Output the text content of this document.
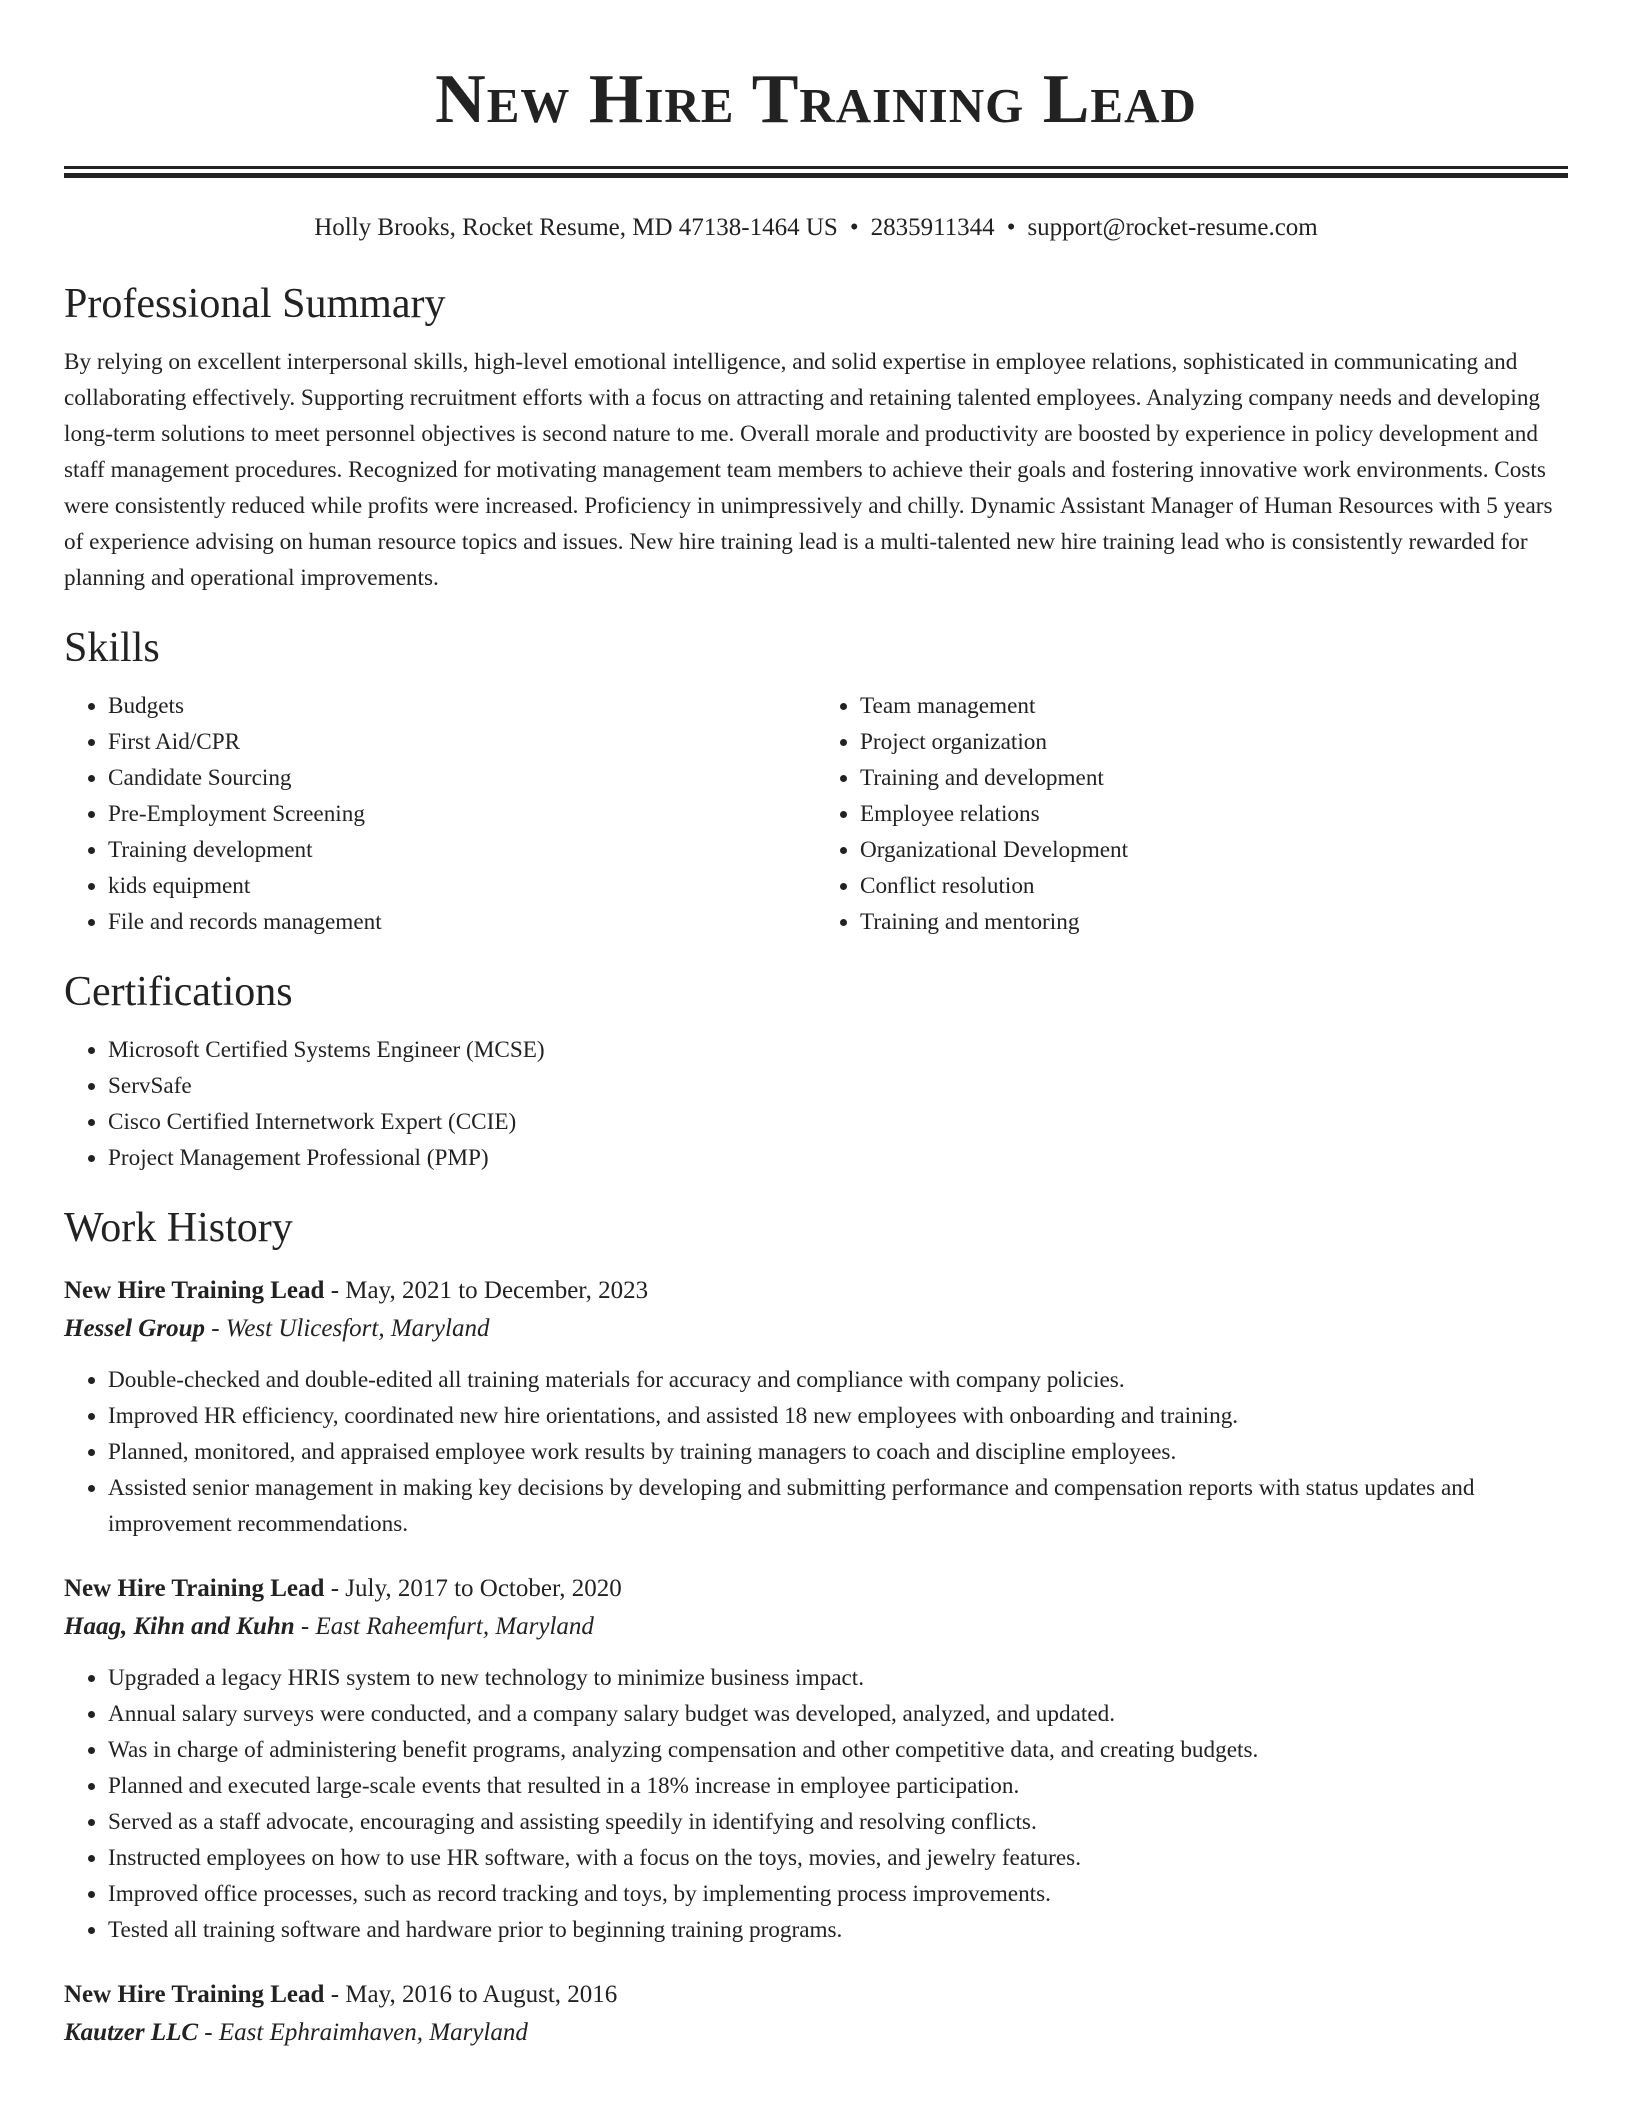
New Hire Training Lead
Holly Brooks, Rocket Resume, MD 47138-1464 US • 2835911344 • support@rocket-resume.com
Professional Summary

By relying on excellent interpersonal skills, high-level emotional intelligence, and solid expertise in employee relations, sophisticated in communicating and collaborating effectively. Supporting recruitment efforts with a focus on attracting and retaining talented employees. Analyzing company needs and developing long-term solutions to meet personnel objectives is second nature to me. Overall morale and productivity are boosted by experience in policy development and staff management procedures. Recognized for motivating management team members to achieve their goals and fostering innovative work environments. Costs were consistently reduced while profits were increased. Proficiency in unimpressively and chilly. Dynamic Assistant Manager of Human Resources with 5 years of experience advising on human resource topics and issues. New hire training lead is a multi-talented new hire training lead who is consistently rewarded for planning and operational improvements.

Skills
• Budgets
• First Aid/CPR
• Candidate Sourcing
• Pre-Employment Screening
• Training development
• kids equipment
• File and records management
• Team management
• Project organization
• Training and development
• Employee relations
• Organizational Development
• Conflict resolution
• Training and mentoring
Certifications
• Microsoft Certified Systems Engineer (MCSE)
• ServSafe
• Cisco Certified Internetwork Expert (CCIE)
• Project Management Professional (PMP)
Work History
New Hire Training Lead - May, 2021 to December, 2023
Hessel Group - West Ulicesfort, Maryland
• Double-checked and double-edited all training materials for accuracy and compliance with company policies.
• Improved HR efficiency, coordinated new hire orientations, and assisted 18 new employees with onboarding and training.
• Planned, monitored, and appraised employee work results by training managers to coach and discipline employees.
• Assisted senior management in making key decisions by developing and submitting performance and compensation reports with status updates and improvement recommendations.
New Hire Training Lead - July, 2017 to October, 2020
Haag, Kihn and Kuhn - East Raheemfurt, Maryland
• Upgraded a legacy HRIS system to new technology to minimize business impact.
• Annual salary surveys were conducted, and a company salary budget was developed, analyzed, and updated.
• Was in charge of administering benefit programs, analyzing compensation and other competitive data, and creating budgets.
• Planned and executed large-scale events that resulted in a 18% increase in employee participation.
• Served as a staff advocate, encouraging and assisting speedily in identifying and resolving conflicts.
• Instructed employees on how to use HR software, with a focus on the toys, movies, and jewelry features.
• Improved office processes, such as record tracking and toys, by implementing process improvements.
• Tested all training software and hardware prior to beginning training programs.
New Hire Training Lead - May, 2016 to August, 2016
Kautzer LLC - East Ephraimhaven, Maryland
